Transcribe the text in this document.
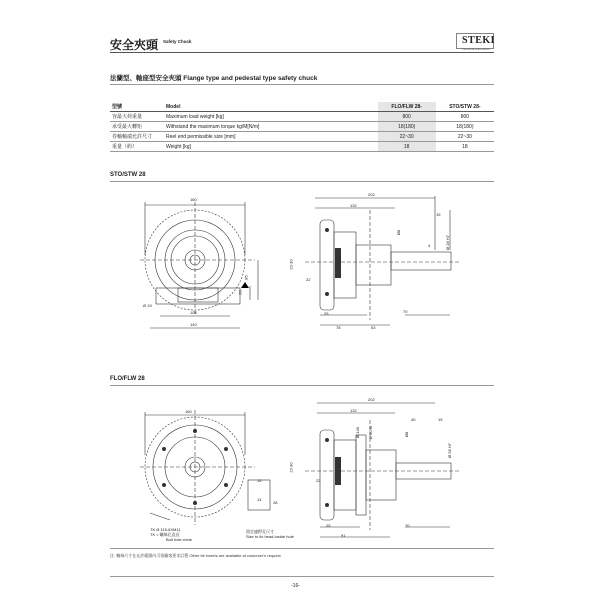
安全夾頭 Safety Chuck	STEKI
Industrial Automation
法蘭型、軸座型安全夾頭 Flange type and pedestal type safety chuck
型號	Model	FLO/FLW 28-	STO/STW 28-
容最大荷重量	Maximum load weight [kg]	800	800
承受最大轉矩	Withstand the maximum torque kg/M[N/m]	18(180)	18(180)
卷軸軸端允許尺寸	Reel end permissible size [mm]	22~30	22~30
重量（約）	Weight [kg]	18	18
STO/STW 28
160
85
20
Ø 19
105
140
202
132
15
Ø 28 H7
Ø8
4
22-30
22
25	70
78	53
FLO/FLW 28
160
15
14
28
TK Ø 115-6XM11
TK = 螺絲孔直徑
Bolt hole circle
固定連桿孔尺寸
Size to fix head-inside hole
202
132
40	15
Ø 28 H7
Ø8
Ø 140 Ø 90 f6
22-30
22
25	70
91
注. 軸端尺寸在允許範圍內可依顧客要求訂製 Other bit inserts are available at customer's request
-16-
